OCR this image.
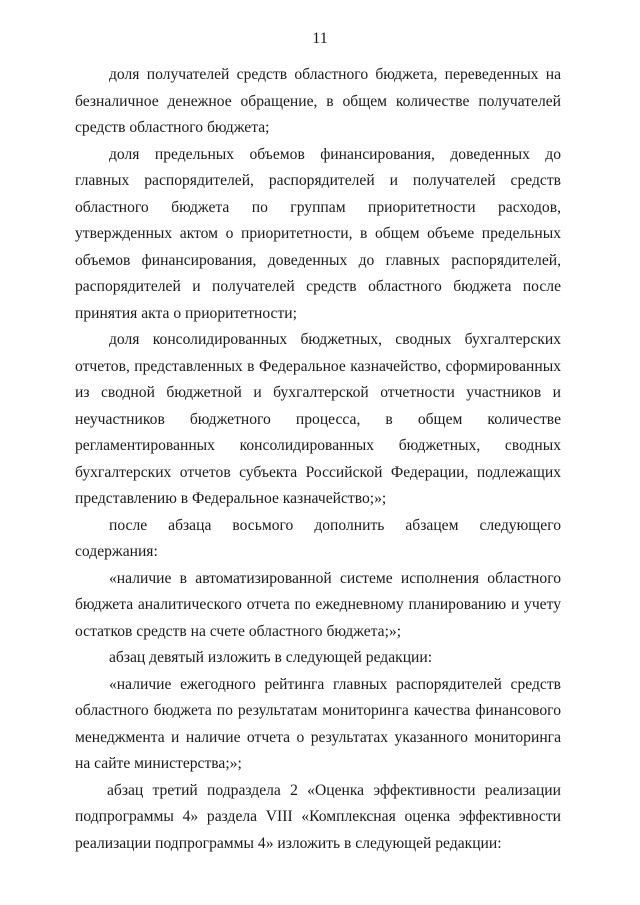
11

доля получателей средств областного бюджета, переведенных на безналичное денежное обращение, в общем количестве получателей средств областного бюджета;

доля предельных объемов финансирования, доведенных до главных распорядителей, распорядителей и получателей средств областного бюджета по группам приоритетности расходов, утвержденных актом о приоритетности, в общем объеме предельных объемов финансирования, доведенных до главных распорядителей, распорядителей и получателей средств областного бюджета после принятия акта о приоритетности;

доля консолидированных бюджетных, сводных бухгалтерских отчетов, представленных в Федеральное казначейство, сформированных из сводной бюджетной и бухгалтерской отчетности участников и неучастников бюджетного процесса, в общем количестве регламентированных консолидированных бюджетных, сводных бухгалтерских отчетов субъекта Российской Федерации, подлежащих представлению в Федеральное казначейство;»;

после абзаца восьмого дополнить абзацем следующего содержания:

«наличие в автоматизированной системе исполнения областного бюджета аналитического отчета по ежедневному планированию и учету остатков средств на счете областного бюджета;»;

абзац девятый изложить в следующей редакции:

«наличие ежегодного рейтинга главных распорядителей средств областного бюджета по результатам мониторинга качества финансового менеджмента и наличие отчета о результатах указанного мониторинга на сайте министерства;»;

абзац третий подраздела 2 «Оценка эффективности реализации подпрограммы 4» раздела VIII «Комплексная оценка эффективности реализации подпрограммы 4» изложить в следующей редакции:
